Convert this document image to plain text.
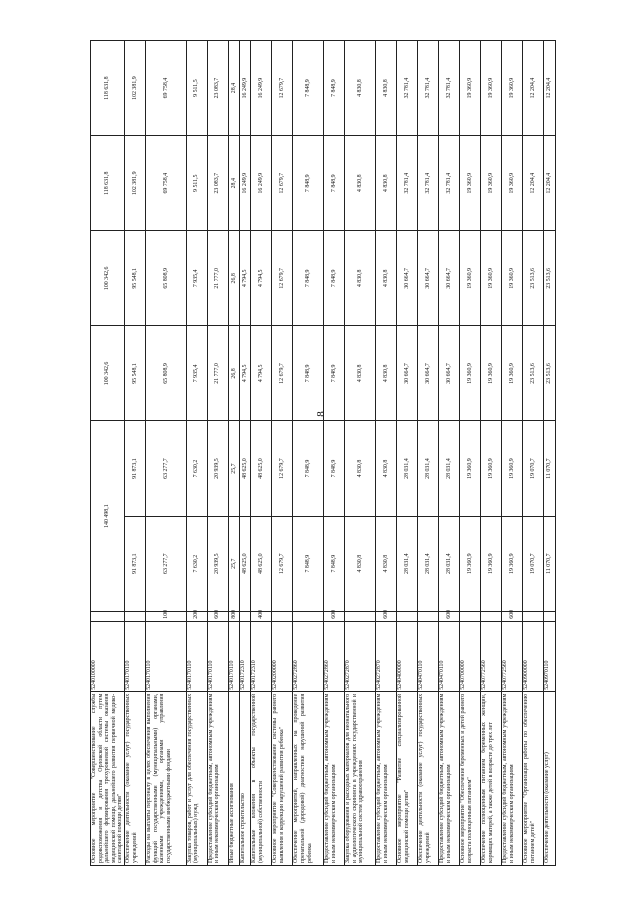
8
Основное мероприятие "Совершенствование службы родовспоможения и детства Орловской области путем дальнейшего формирования трехуровневой системы оказания медицинской помощи, дальнейшего развития первичной медико-санитарной помощи детям"	5240100000		140 498,1		100 342,6	100 342,6	118 631,8	118 631,8
Обеспечение деятельности (оказание услуг) государственных учреждений	5240170110		91 873,1	91 873,1	95 548,1	95 548,1	102 381,9	102 381,9
Расходы на выплаты персоналу в целях обеспечения выполнения функций государственными (муниципальными) органами, казенными учреждениями, органами управления государственными внебюджетными фондами	5240170110	100	63 277,7	63 277,7	65 808,9	65 808,9	69 758,4	69 758,4
Закупка товаров, работ и услуг для обеспечения государственных (муниципальных) нужд	5240170110	200	7 630,2	7 630,2	7 935,4	7 935,4	9 511,5	9 511,5
Предоставление субсидий бюджетным, автономным учреждениям и иным некоммерческим организациям	5240170110	600	20 939,5	20 939,5	21 777,0	21 777,0	23 083,7	23 083,7
Иные бюджетные ассигнования	5240170110	800	25,7	25,7	26,8	26,8	28,4	28,4
Капитальное строительство	5240172310		48 625,0	48 625,0	4 794,5	4 794,5	16 249,9	16 249,9
Капитальные вложения в объекты государственной (муниципальной) собственности	5240172310	400	48 625,0	48 625,0	4 794,5	4 794,5	16 249,9	16 249,9
Основное мероприятие "Совершенствование системы раннего выявления и коррекции нарушений развития ребенка"	5240200000		12 679,7	12 679,7	12 679,7	12 679,7	12 679,7	12 679,7
Обеспечение мероприятий, направленных на проведение пренатальной (дородовой) диагностики нарушений развития ребенка	5240272860		7 848,9	7 848,9	7 848,9	7 848,9	7 848,9	7 848,9
Предоставление субсидий бюджетным, автономным учреждениям и иным некоммерческим организациям	5240272860	600	7 848,9	7 848,9	7 848,9	7 848,9	7 848,9	7 848,9
Закупка оборудования и расходных материалов для неонатального и аудиологического скрининга в учреждениях государственной и муниципальной систем здравоохранения	5240272870		4 830,8	4 830,8	4 830,8	4 830,8	4 830,8	4 830,8
Предоставление субсидий бюджетным, автономным учреждениям и иным некоммерческим организациям	5240272870	600	4 830,8	4 830,8	4 830,8	4 830,8	4 830,8	4 830,8
Основное мероприятие "Развитие специализированной медицинской помощи детям"	5240400000		28 031,4	28 031,4	30 664,7	30 664,7	32 781,4	32 781,4
Обеспечение деятельности (оказание услуг) государственных учреждений	5240470110		28 031,4	28 031,4	30 664,7	30 664,7	32 781,4	32 781,4
Предоставление субсидий бюджетным, автономным учреждениям и иным некоммерческим организациям	5240470110	600	28 031,4	28 031,4	30 664,7	30 664,7	32 781,4	32 781,4
Основное мероприятие "Обеспечение беременных и детей раннего возраста полноценным питанием"	5240700000		19 360,9	19 360,9	19 360,9	19 360,9	19 360,9	19 360,9
Обеспечение полноценным питанием беременных женщин, кормящих матерей, а также детей в возрасте до трех лет	5240772560		19 360,9	19 360,9	19 360,9	19 360,9	19 360,9	19 360,9
Предоставление субсидий бюджетным, автономным учреждениям и иным некоммерческим организациям	5240772560	600	19 360,9	19 360,9	19 360,9	19 360,9	19 360,9	19 360,9
Основное мероприятие "Организация работы по обеспечению питанием детей"	5240900000		19 070,7	19 070,7	23 513,6	23 513,6	12 204,4	12 204,4
Обеспечение деятельности (оказание услуг)	5240970110		11 070,7	11 070,7	23 513,6	23 513,6	12 204,4	12 204,4
